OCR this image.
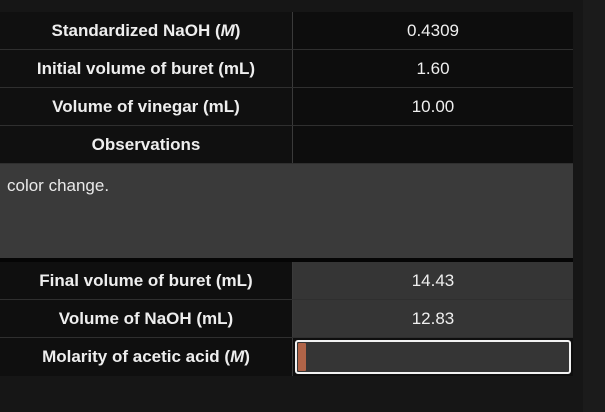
Standardized NaOH ( M )	0.4309
Initial volume of buret (mL)	1.60
Volume of vinegar (mL)	10.00
Observations
color change.
Final volume of buret (mL)	14.43
Volume of NaOH (mL)	12.83
Molarity of acetic acid ( M )
